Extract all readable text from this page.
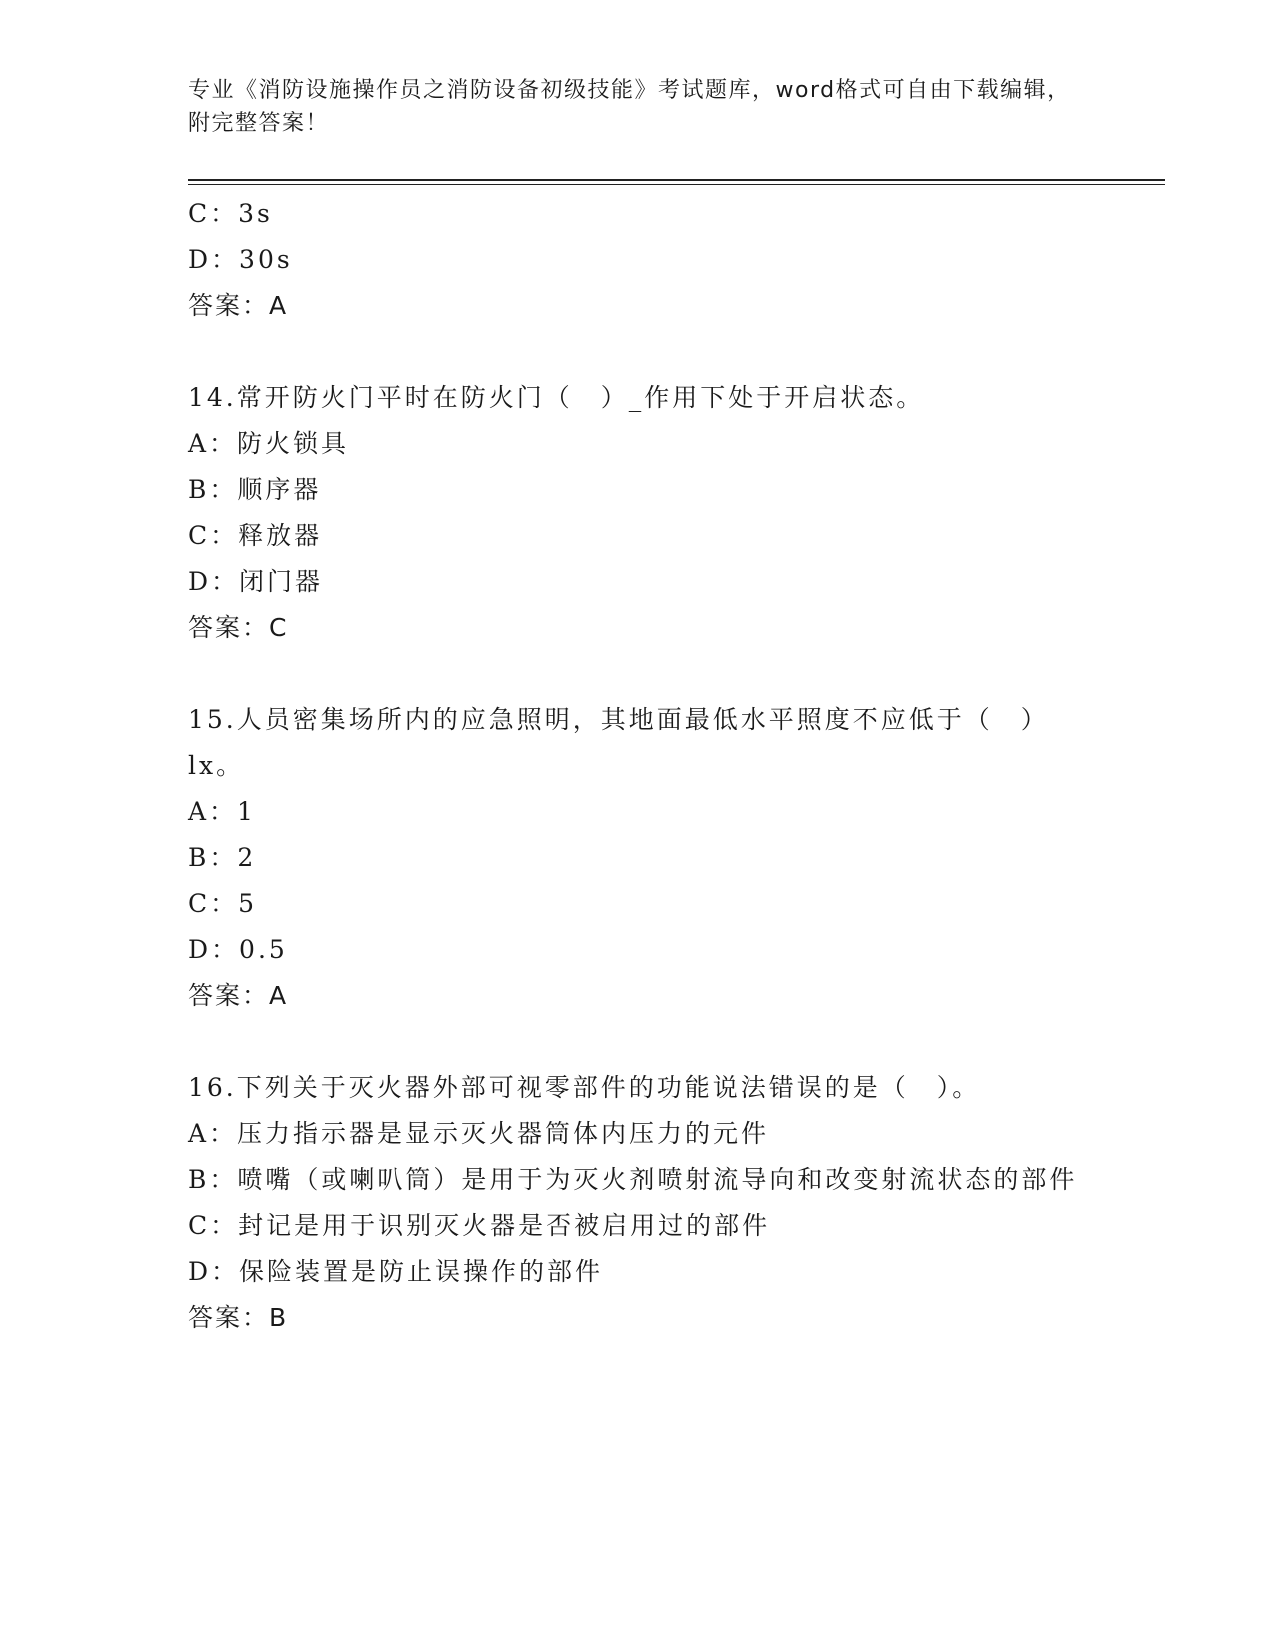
专业《消防设施操作员之消防设备初级技能》考试题库，word格式可自由下载编辑，附完整答案！
C：3s
D：30s
答案：A
14.常开防火门平时在防火门（　）_作用下处于开启状态。
A：防火锁具
B：顺序器
C：释放器
D：闭门器
答案：C
15.人员密集场所内的应急照明，其地面最低水平照度不应低于（　）lx。
A：1
B：2
C：5
D：0.5
答案：A
16.下列关于灭火器外部可视零部件的功能说法错误的是（　）。
A：压力指示器是显示灭火器筒体内压力的元件
B：喷嘴（或喇叭筒）是用于为灭火剂喷射流导向和改变射流状态的部件
C：封记是用于识别灭火器是否被启用过的部件
D：保险装置是防止误操作的部件
答案：B
